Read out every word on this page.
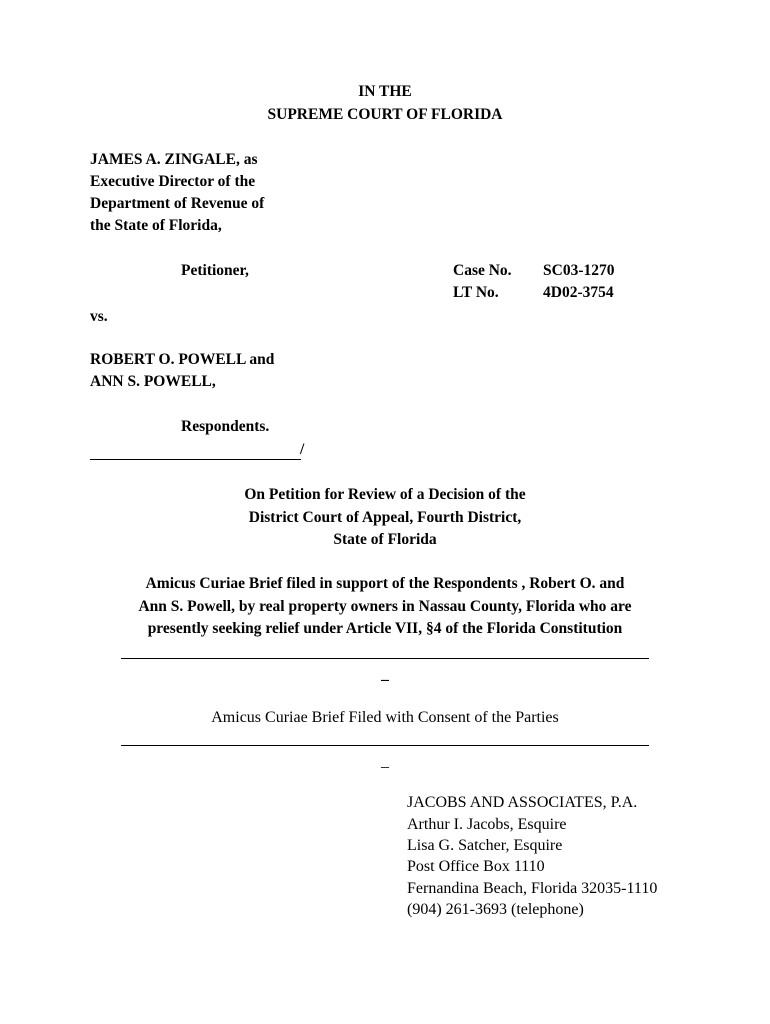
IN THE
SUPREME COURT OF FLORIDA
JAMES A. ZINGALE, as
Executive Director of the
Department of Revenue of
the State of Florida,
Petitioner,	Case No. SC03-1270
LT No.	4D02-3754
vs.
ROBERT O. POWELL and
ANN S. POWELL,
Respondents.
/
On Petition for Review of a Decision of the
District Court of Appeal, Fourth District,
State of Florida
Amicus Curiae Brief filed in support of the Respondents , Robert O. and
Ann S. Powell, by real property owners in Nassau County, Florida who are
presently seeking relief under Article VII, §4 of the Florida Constitution
_
Amicus Curiae Brief Filed with Consent of the Parties
_
JACOBS AND ASSOCIATES, P.A.
Arthur I. Jacobs, Esquire
Lisa G. Satcher, Esquire
Post Office Box 1110
Fernandina Beach, Florida 32035-1110
(904) 261-3693 (telephone)
